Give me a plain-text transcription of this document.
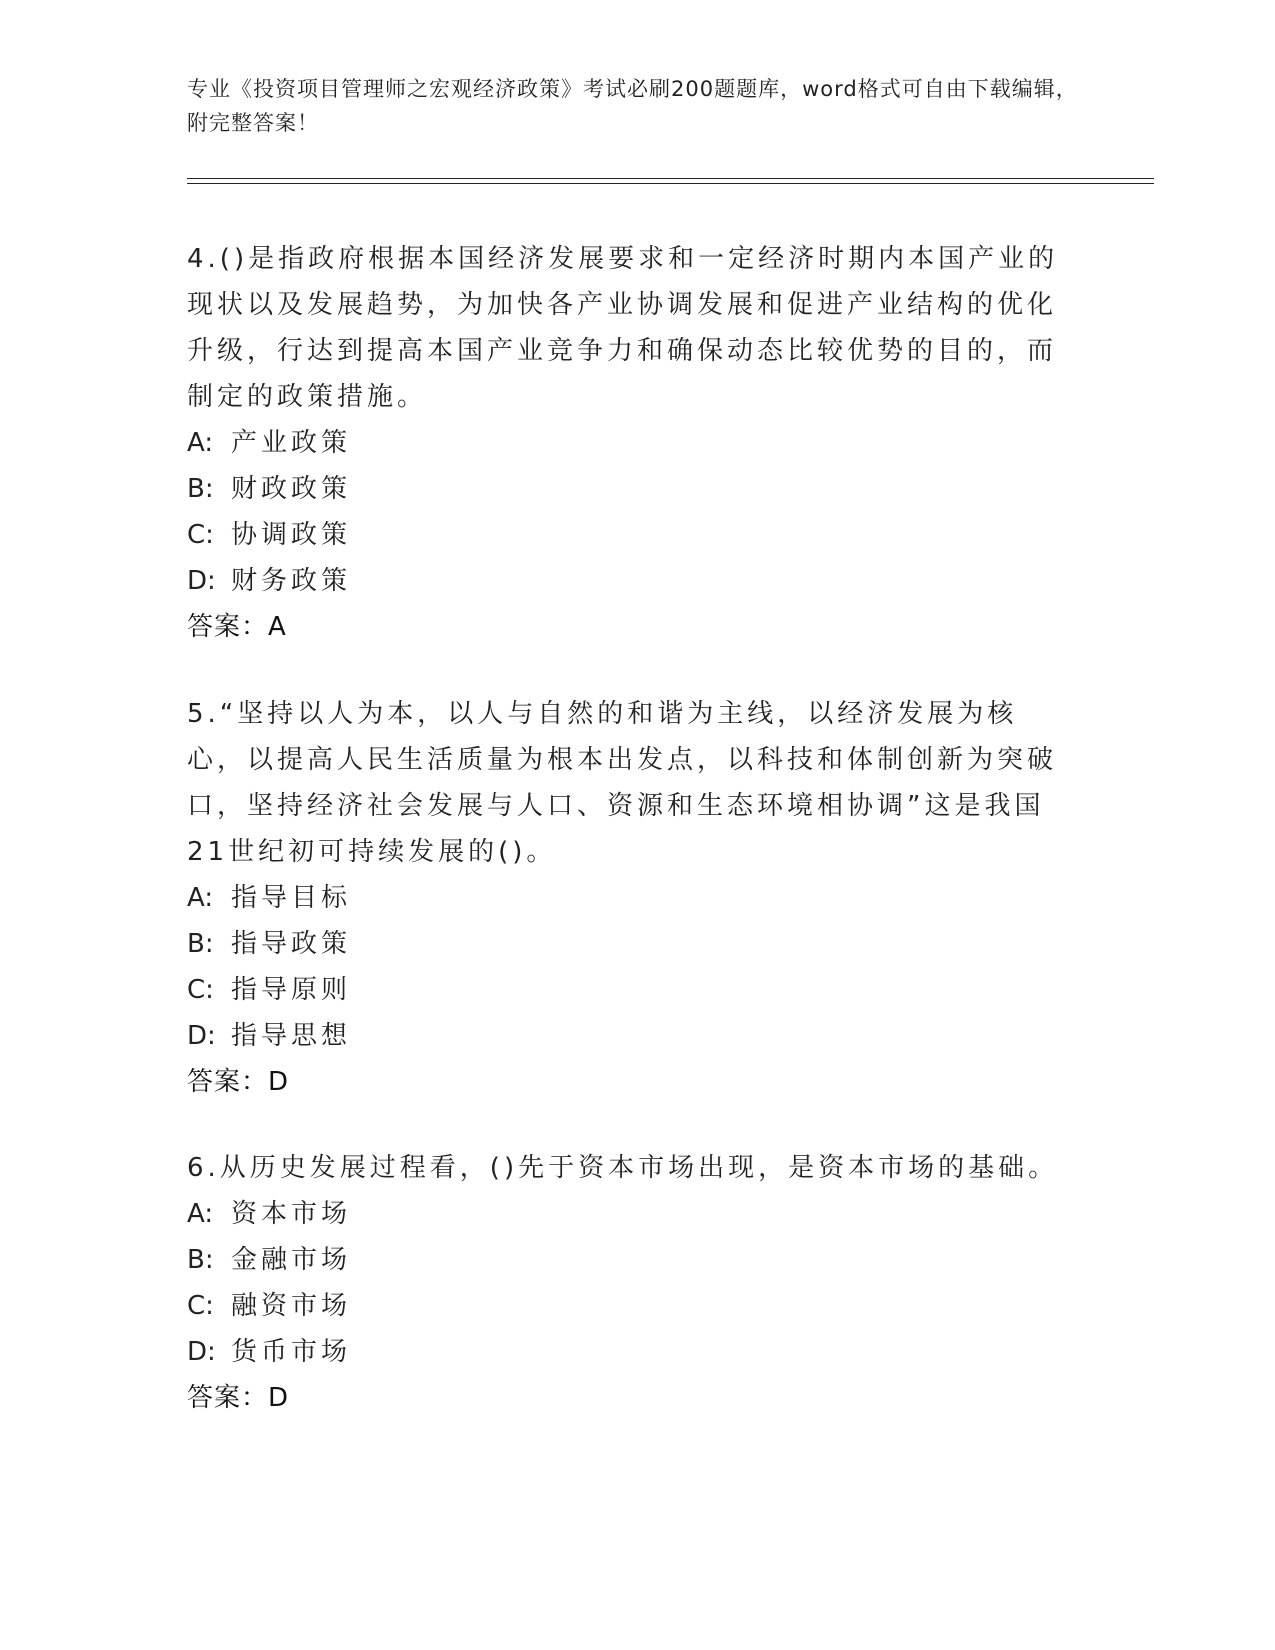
专业《投资项目管理师之宏观经济政策》考试必刷200题题库，word格式可自由下载编辑，附完整答案！

4.()是指政府根据本国经济发展要求和一定经济时期内本国产业的现状以及发展趋势，为加快各产业协调发展和促进产业结构的优化升级，行达到提高本国产业竞争力和确保动态比较优势的目的，而制定的政策措施。

A: 产业政策

B: 财政政策

C: 协调政策

D: 财务政策

答案：A

5.“坚持以人为本，以人与自然的和谐为主线，以经济发展为核心，以提高人民生活质量为根本出发点，以科技和体制创新为突破口，坚持经济社会发展与人口、资源和生态环境相协调”这是我国21世纪初可持续发展的()。

A: 指导目标

B: 指导政策

C: 指导原则

D: 指导思想

答案：D

6.从历史发展过程看，()先于资本市场出现，是资本市场的基础。

A: 资本市场

B: 金融市场

C: 融资市场

D: 货币市场

答案：D
